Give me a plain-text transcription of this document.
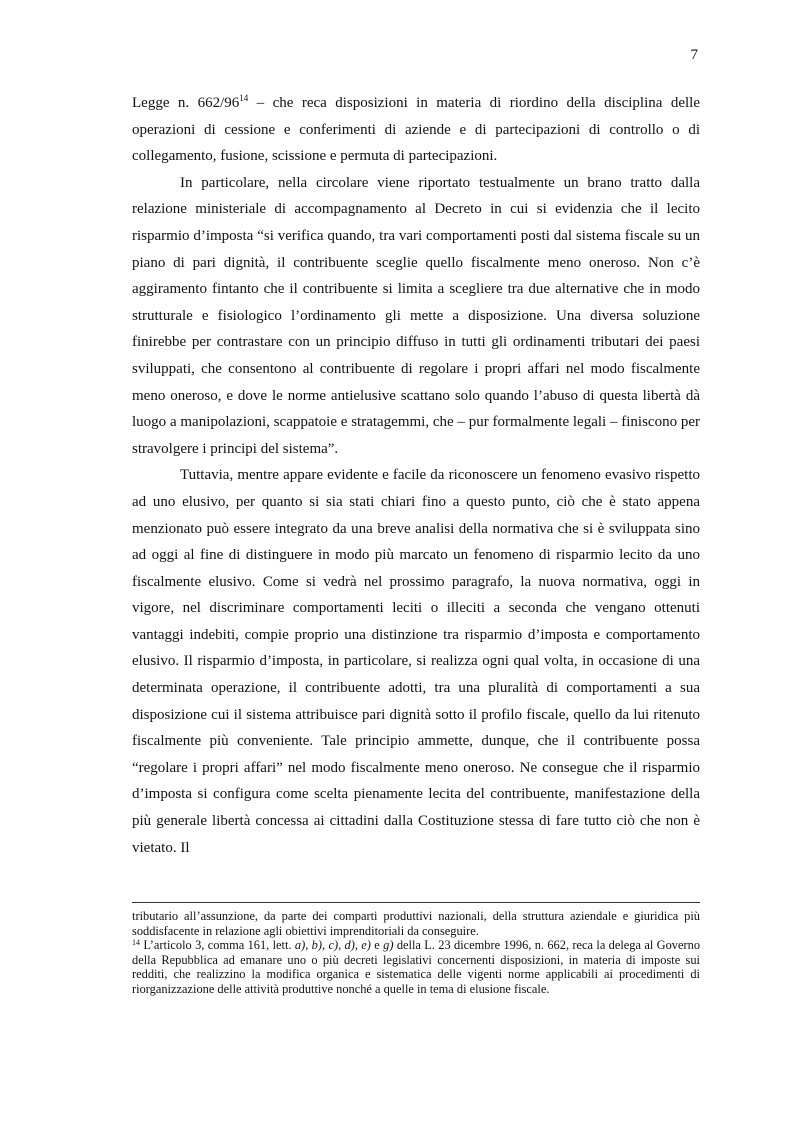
7

Legge n. $662/96^{14}$ – che reca disposizioni in materia di riordino della disciplina delle operazioni di cessione e conferimenti di aziende e di partecipazioni di controllo o di collegamento, fusione, scissione e permuta di partecipazioni.

In particolare, nella circolare viene riportato testualmente un brano tratto dalla relazione ministeriale di accompagnamento al Decreto in cui si evidenzia che il lecito risparmio d’imposta “si verifica quando, tra vari comportamenti posti dal sistema fiscale su un piano di pari dignità, il contribuente sceglie quello fiscalmente meno oneroso. Non c’è aggiramento fintanto che il contribuente si limita a scegliere tra due alternative che in modo strutturale e fisiologico l’ordinamento gli mette a disposizione. Una diversa soluzione finirebbe per contrastare con un principio diffuso in tutti gli ordinamenti tributari dei paesi sviluppati, che consentono al contribuente di regolare i propri affari nel modo fiscalmente meno oneroso, e dove le norme antielusive scattano solo quando l’abuso di questa libertà dà luogo a manipolazioni, scappatoie e stratagemmi, che – pur formalmente legali – finiscono per stravolgere i principi del sistema”.

Tuttavia, mentre appare evidente e facile da riconoscere un fenomeno evasivo rispetto ad uno elusivo, per quanto si sia stati chiari fino a questo punto, ciò che è stato appena menzionato può essere integrato da una breve analisi della normativa che si è sviluppata sino ad oggi al fine di distinguere in modo più marcato un fenomeno di risparmio lecito da uno fiscalmente elusivo. Come si vedrà nel prossimo paragrafo, la nuova normativa, oggi in vigore, nel discriminare comportamenti leciti o illeciti a seconda che vengano ottenuti vantaggi indebiti, compie proprio una distinzione tra risparmio d’imposta e comportamento elusivo. Il risparmio d’imposta, in particolare, si realizza ogni qual volta, in occasione di una determinata operazione, il contribuente adotti, tra una pluralità di comportamenti a sua disposizione cui il sistema attribuisce pari dignità sotto il profilo fiscale, quello da lui ritenuto fiscalmente più conveniente. Tale principio ammette, dunque, che il contribuente possa “regolare i propri affari” nel modo fiscalmente meno oneroso. Ne consegue che il risparmio d’imposta si configura come scelta pienamente lecita del contribuente, manifestazione della più generale libertà concessa ai cittadini dalla Costituzione stessa di fare tutto ciò che non è vietato. Il

tributario all’assunzione, da parte dei comparti produttivi nazionali, della struttura aziendale e giuridica più soddisfacente in relazione agli obiettivi imprenditoriali da conseguire.

$^{14}$ L’articolo 3, comma 161, lett. a), b), c), d), e) e g) della L. 23 dicembre 1996, n. 662, reca la delega al Governo della Repubblica ad emanare uno o più decreti legislativi concernenti disposizioni, in materia di imposte sui redditi, che realizzino la modifica organica e sistematica delle vigenti norme applicabili ai procedimenti di riorganizzazione delle attività produttive nonché a quelle in tema di elusione fiscale.
